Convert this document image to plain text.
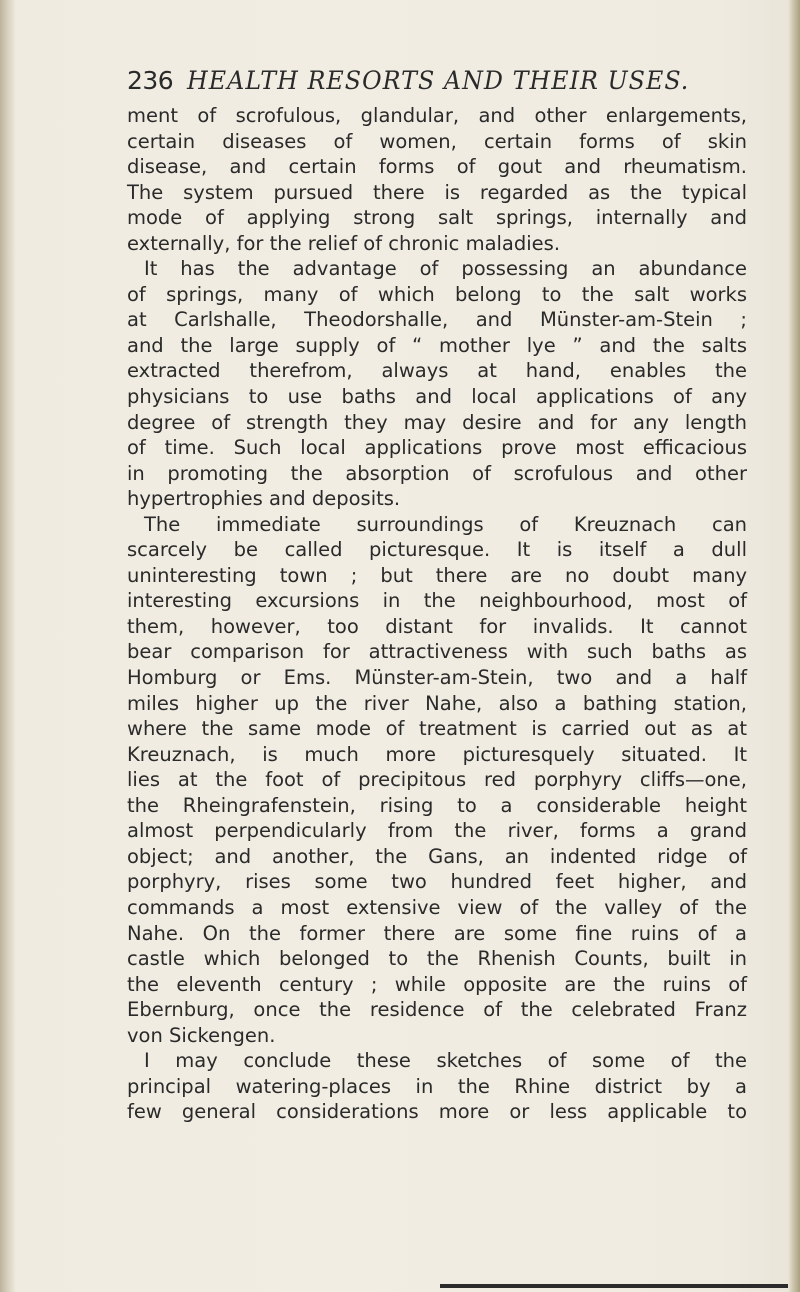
236 HEALTH RESORTS AND THEIR USES.
ment of scrofulous, glandular, and other enlargements,
certain diseases of women, certain forms of skin
disease, and certain forms of gout and rheumatism.
The system pursued there is regarded as the typical
mode of applying strong salt springs, internally and
externally, for the relief of chronic maladies.
It has the advantage of possessing an abundance
of springs, many of which belong to the salt works
at Carlshalle, Theodorshalle, and Münster-am-Stein ;
and the large supply of “ mother lye ” and the salts
extracted therefrom, always at hand, enables the
physicians to use baths and local applications of any
degree of strength they may desire and for any length
of time. Such local applications prove most efficacious
in promoting the absorption of scrofulous and other
hypertrophies and deposits.
The immediate surroundings of Kreuznach can
scarcely be called picturesque. It is itself a dull
uninteresting town ; but there are no doubt many
interesting excursions in the neighbourhood, most of
them, however, too distant for invalids. It cannot
bear comparison for attractiveness with such baths as
Homburg or Ems. Münster-am-Stein, two and a half
miles higher up the river Nahe, also a bathing station,
where the same mode of treatment is carried out as at
Kreuznach, is much more picturesquely situated. It
lies at the foot of precipitous red porphyry cliffs—one,
the Rheingrafenstein, rising to a considerable height
almost perpendicularly from the river, forms a grand
object; and another, the Gans, an indented ridge of
porphyry, rises some two hundred feet higher, and
commands a most extensive view of the valley of the
Nahe. On the former there are some fine ruins of a
castle which belonged to the Rhenish Counts, built in
the eleventh century ; while opposite are the ruins of
Ebernburg, once the residence of the celebrated Franz
von Sickengen.
I may conclude these sketches of some of the
principal watering-places in the Rhine district by a
few general considerations more or less applicable to
